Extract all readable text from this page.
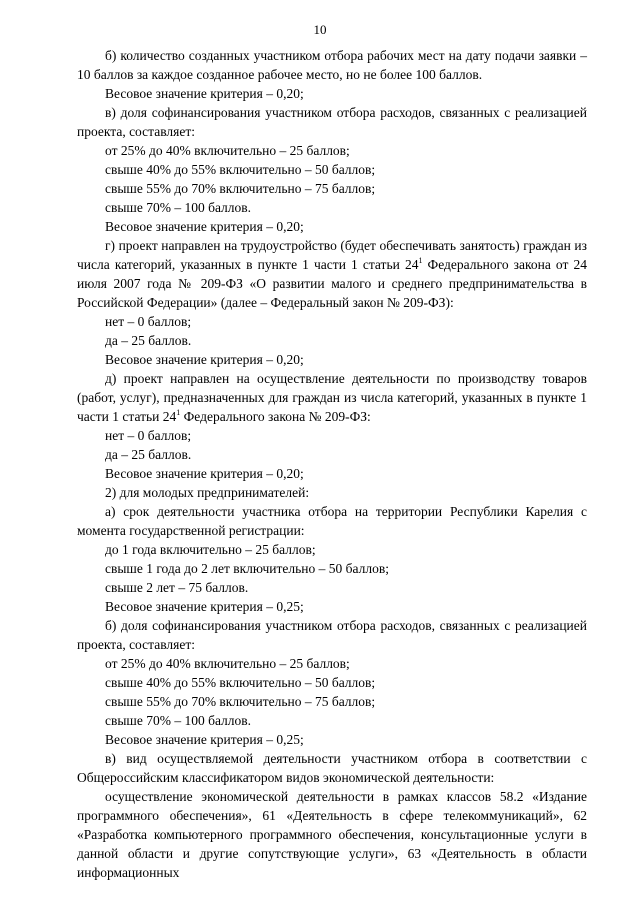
10

б) количество созданных участником отбора рабочих мест на дату подачи заявки – 10 баллов за каждое созданное рабочее место, но не более 100 баллов.

Весовое значение критерия – 0,20;

в) доля софинансирования участником отбора расходов, связанных с реализацией проекта, составляет:

от 25% до 40% включительно – 25 баллов;

свыше 40% до 55% включительно – 50 баллов;

свыше 55% до 70% включительно – 75 баллов;

свыше 70% – 100 баллов.

Весовое значение критерия – 0,20;

г) проект направлен на трудоустройство (будет обеспечивать занятость) граждан из числа категорий, указанных в пункте 1 части 1 статьи $24^1$ Федерального закона от 24 июля 2007 года № 209-ФЗ «О развитии малого и среднего предпринимательства в Российской Федерации» (далее – Федеральный закон № 209-ФЗ):

нет – 0 баллов;

да – 25 баллов.

Весовое значение критерия – 0,20;

д) проект направлен на осуществление деятельности по производству товаров (работ, услуг), предназначенных для граждан из числа категорий, указанных в пункте 1 части 1 статьи $24^1$ Федерального закона № 209-ФЗ:

нет – 0 баллов;

да – 25 баллов.

Весовое значение критерия – 0,20;

2) для молодых предпринимателей:

а) срок деятельности участника отбора на территории Республики Карелия с момента государственной регистрации:

до 1 года включительно – 25 баллов;

свыше 1 года до 2 лет включительно – 50 баллов;

свыше 2 лет – 75 баллов.

Весовое значение критерия – 0,25;

б) доля софинансирования участником отбора расходов, связанных с реализацией проекта, составляет:

от 25% до 40% включительно – 25 баллов;

свыше 40% до 55% включительно – 50 баллов;

свыше 55% до 70% включительно – 75 баллов;

свыше 70% – 100 баллов.

Весовое значение критерия – 0,25;

в) вид осуществляемой деятельности участником отбора в соответствии с Общероссийским классификатором видов экономической деятельности:

осуществление экономической деятельности в рамках классов 58.2 «Издание программного обеспечения», 61 «Деятельность в сфере телекоммуникаций», 62 «Разработка компьютерного программного обеспечения, консультационные услуги в данной области и другие сопутствующие услуги», 63 «Деятельность в области информационных
